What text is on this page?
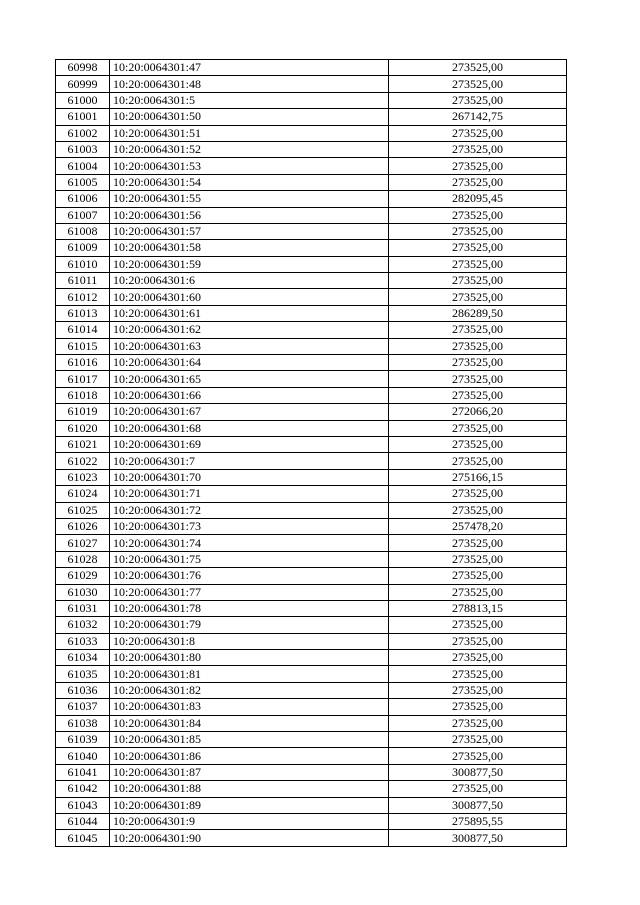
60998	10:20:0064301:47	273525,00
60999	10:20:0064301:48	273525,00
61000	10:20:0064301:5	273525,00
61001	10:20:0064301:50	267142,75
61002	10:20:0064301:51	273525,00
61003	10:20:0064301:52	273525,00
61004	10:20:0064301:53	273525,00
61005	10:20:0064301:54	273525,00
61006	10:20:0064301:55	282095,45
61007	10:20:0064301:56	273525,00
61008	10:20:0064301:57	273525,00
61009	10:20:0064301:58	273525,00
61010	10:20:0064301:59	273525,00
61011	10:20:0064301:6	273525,00
61012	10:20:0064301:60	273525,00
61013	10:20:0064301:61	286289,50
61014	10:20:0064301:62	273525,00
61015	10:20:0064301:63	273525,00
61016	10:20:0064301:64	273525,00
61017	10:20:0064301:65	273525,00
61018	10:20:0064301:66	273525,00
61019	10:20:0064301:67	272066,20
61020	10:20:0064301:68	273525,00
61021	10:20:0064301:69	273525,00
61022	10:20:0064301:7	273525,00
61023	10:20:0064301:70	275166,15
61024	10:20:0064301:71	273525,00
61025	10:20:0064301:72	273525,00
61026	10:20:0064301:73	257478,20
61027	10:20:0064301:74	273525,00
61028	10:20:0064301:75	273525,00
61029	10:20:0064301:76	273525,00
61030	10:20:0064301:77	273525,00
61031	10:20:0064301:78	278813,15
61032	10:20:0064301:79	273525,00
61033	10:20:0064301:8	273525,00
61034	10:20:0064301:80	273525,00
61035	10:20:0064301:81	273525,00
61036	10:20:0064301:82	273525,00
61037	10:20:0064301:83	273525,00
61038	10:20:0064301:84	273525,00
61039	10:20:0064301:85	273525,00
61040	10:20:0064301:86	273525,00
61041	10:20:0064301:87	300877,50
61042	10:20:0064301:88	273525,00
61043	10:20:0064301:89	300877,50
61044	10:20:0064301:9	275895,55
61045	10:20:0064301:90	300877,50
